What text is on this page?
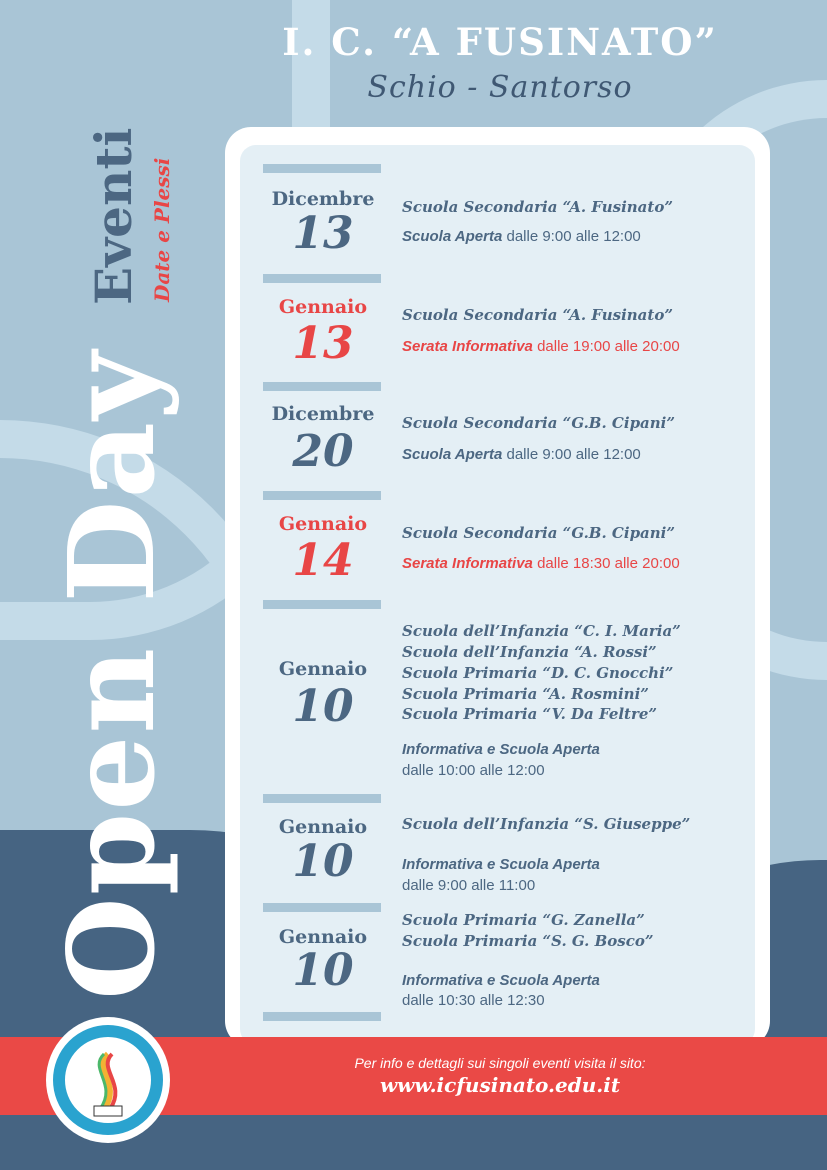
I. C. “A FUSINATO”
Schio - Santorso
Open Day
Eventi Date e Plessi	Dicembre
13
Scuola Secondaria “A. Fusinato”
Scuola Aperta dalle 9:00 alle 12:00
Gennaio
13
Scuola Secondaria “A. Fusinato”
Serata Informativa dalle 19:00 alle 20:00
Dicembre
20
Scuola Secondaria “G.B. Cipani”
Scuola Aperta dalle 9:00 alle 12:00
Gennaio
14
Scuola Secondaria “G.B. Cipani”
Serata Informativa dalle 18:30 alle 20:00
Gennaio
10
Scuola dell’Infanzia “C. I. Maria”
Scuola dell’Infanzia “A. Rossi”
Scuola Primaria “D. C. Gnocchi”
Scuola Primaria “A. Rosmini”
Scuola Primaria “V. Da Feltre”
Informativa e Scuola Aperta
dalle 10:00 alle 12:00
Gennaio
10
Scuola dell’Infanzia “S. Giuseppe”
Informativa e Scuola Aperta
dalle 9:00 alle 11:00
Gennaio
10
Scuola Primaria “G. Zanella”
Scuola Primaria “S. G. Bosco”
Informativa e Scuola Aperta
dalle 10:30 alle 12:30
Per info e dettagli sui singoli eventi visita il sito:
www.icfusinato.edu.it
